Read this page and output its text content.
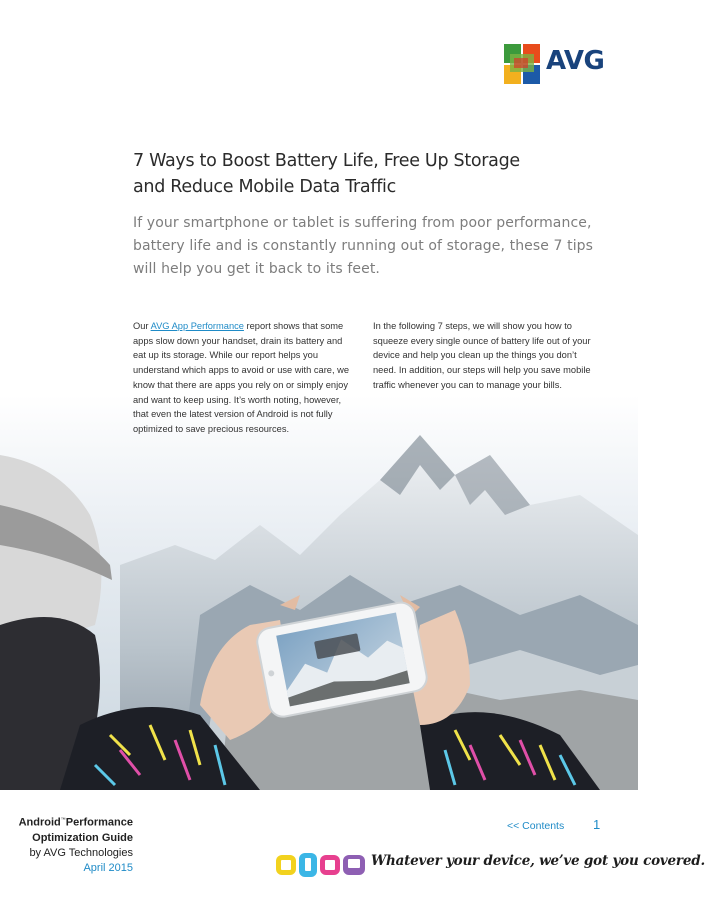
AVG
7 Ways to Boost Battery Life, Free Up Storage and Reduce Mobile Data Traffic
If your smartphone or tablet is suffering from poor performance, battery life and is constantly running out of storage, these 7 tips will help you get it back to its feet.
Our AVG App Performance report shows that some apps slow down your handset, drain its battery and eat up its storage. While our report helps you understand which apps to avoid or use with care, we know that there are apps you rely on or simply enjoy and want to keep using. It’s worth noting, however, that even the latest version of Android is not fully optimized to save precious resources.
In the following 7 steps, we will show you how to squeeze every single ounce of battery life out of your device and help you clean up the things you don’t need. In addition, our steps will help you save mobile traffic whenever you can to manage your bills.
Android™Performance
Optimization Guide
by AVG Technologies
April 2015
<< Contents 1
Whatever your device, we’ve got you covered.
